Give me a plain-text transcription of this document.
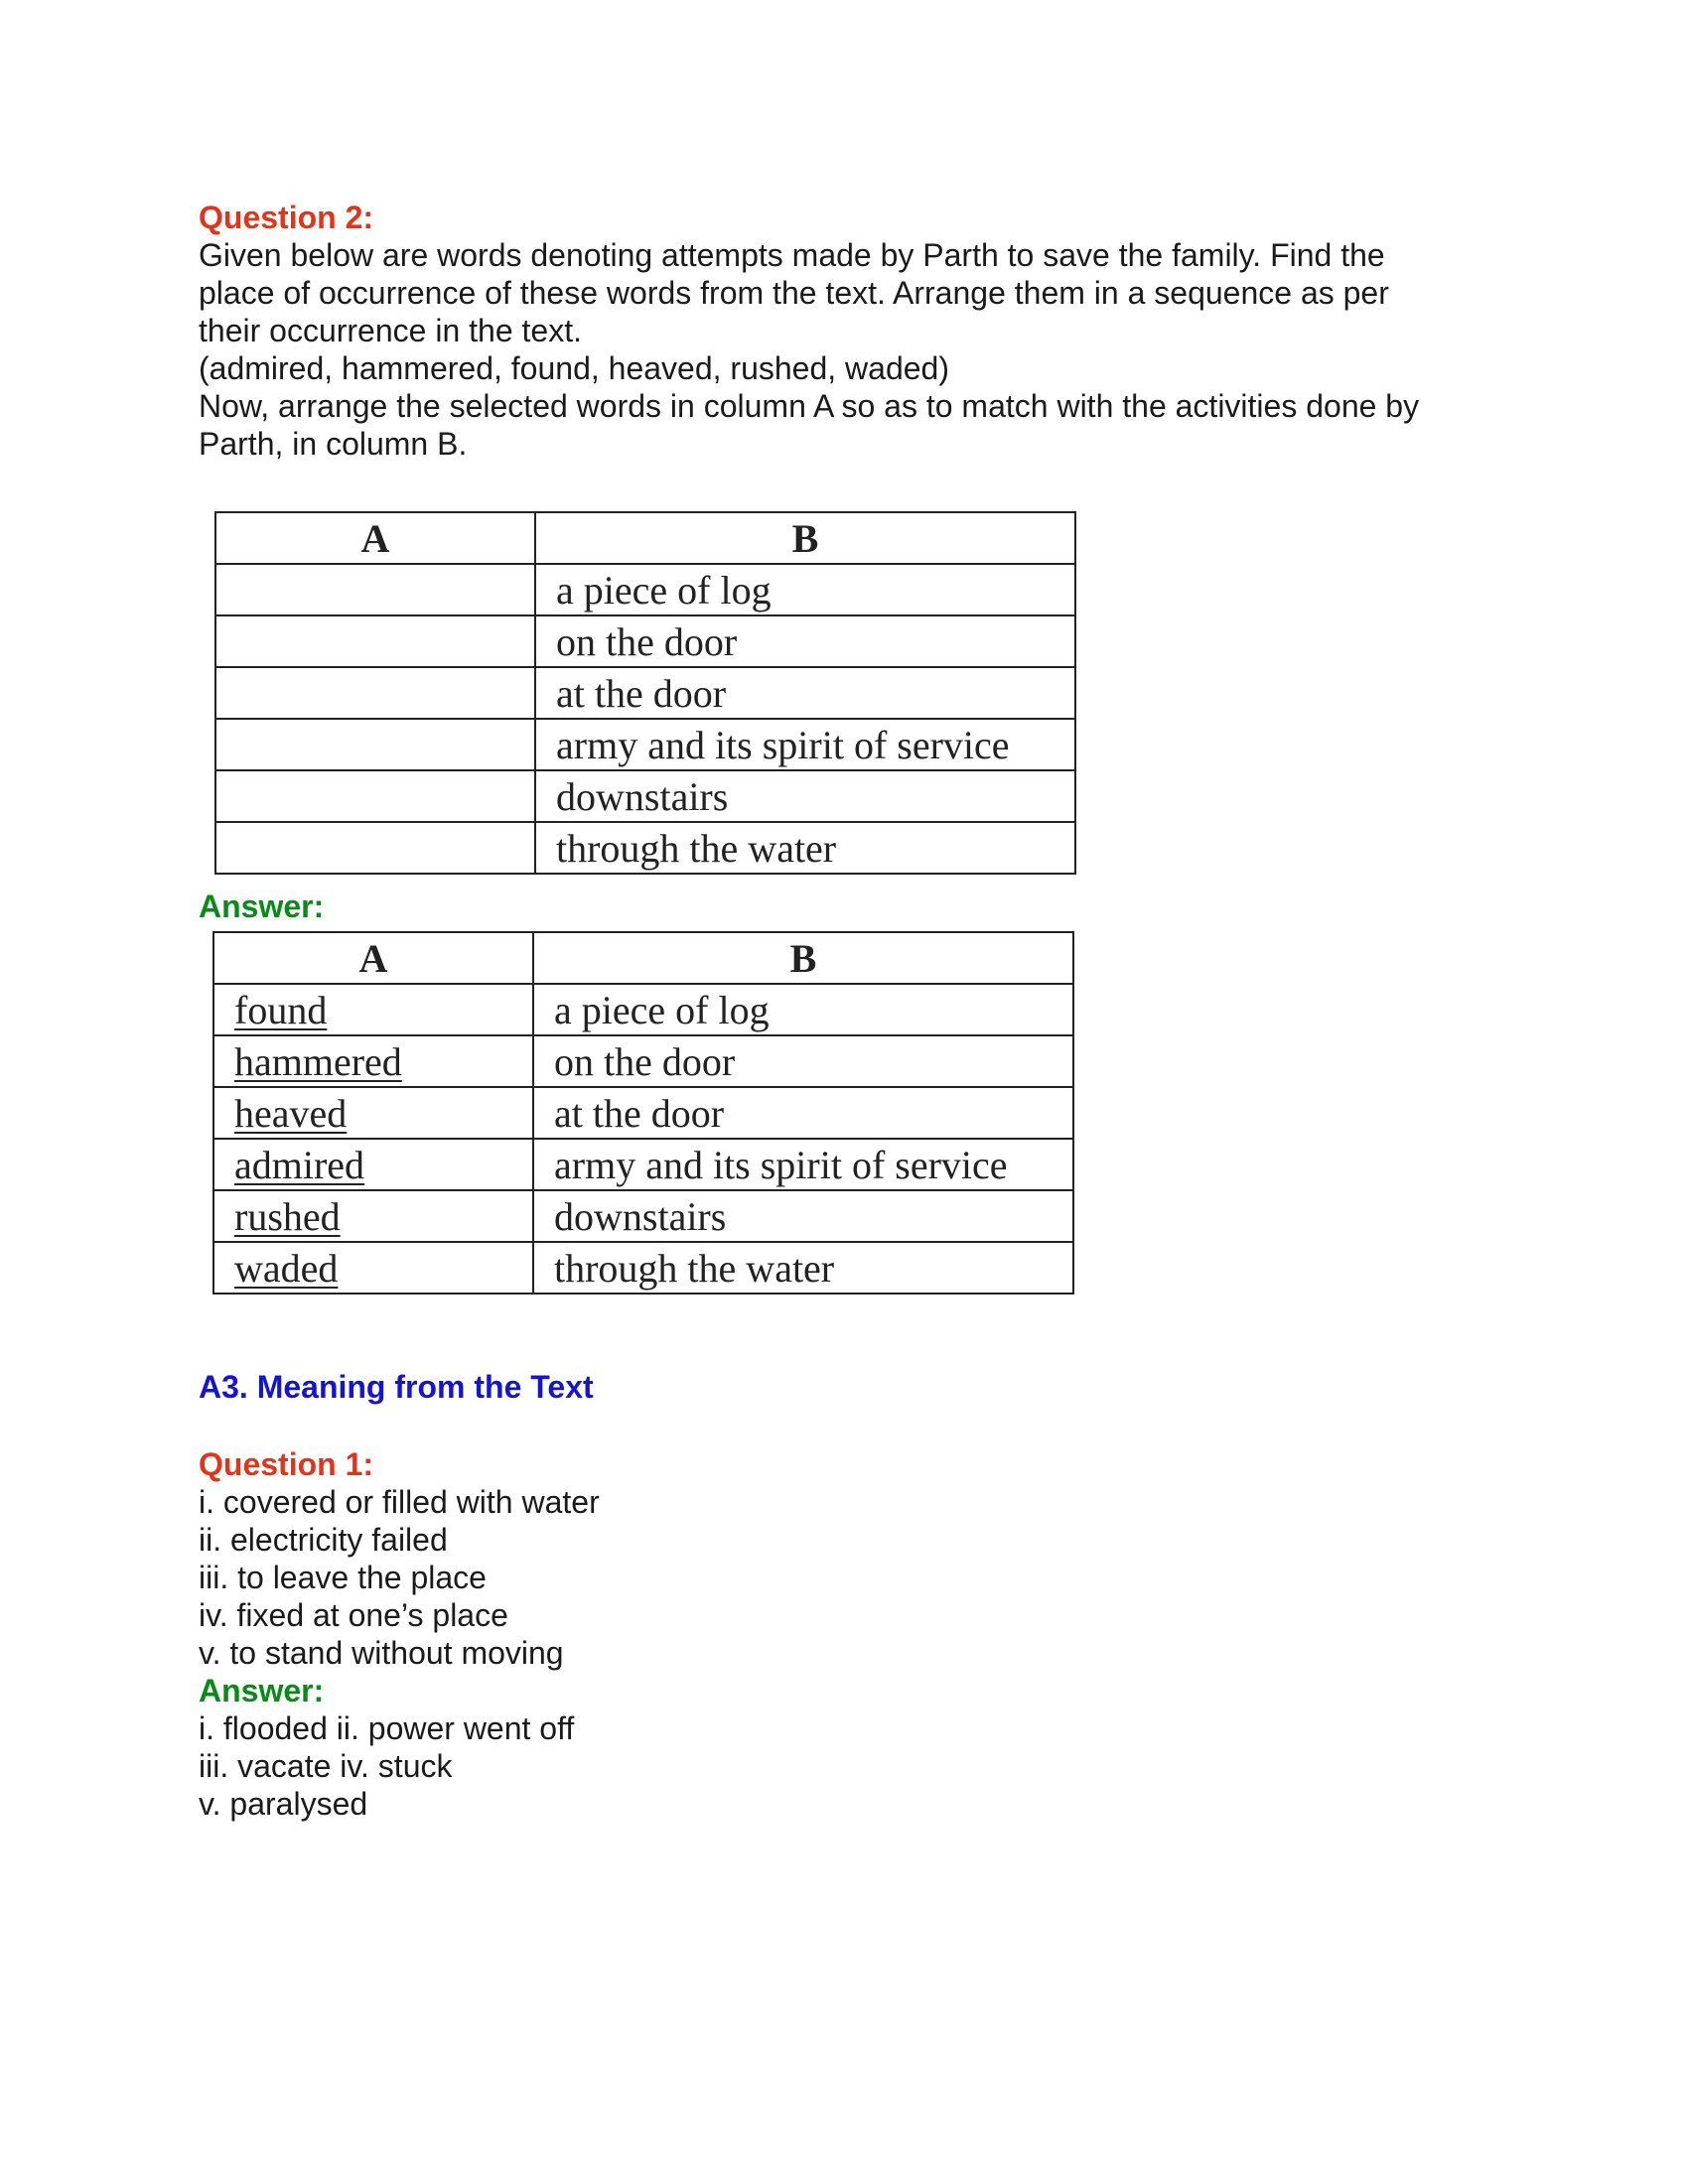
Question 2:

Given below are words denoting attempts made by Parth to save the family. Find the

place of occurrence of these words from the text. Arrange them in a sequence as per

their occurrence in the text.

(admired, hammered, found, heaved, rushed, waded)

Now, arrange the selected words in column A so as to match with the activities done by

Parth, in column B.

A	B
	a piece of log
	on the door
	at the door
	army and its spirit of service
	downstairs
	through the water
Answer:
A	B
found	a piece of log
hammered	on the door
heaved	at the door
admired	army and its spirit of service
rushed	downstairs
waded	through the water
A3. Meaning from the Text
Question 1:
i. covered or filled with water
ii. electricity failed
iii. to leave the place
iv. fixed at one’s place
v. to stand without moving
Answer:
i. flooded ii. power went off
iii. vacate iv. stuck
v. paralysed
